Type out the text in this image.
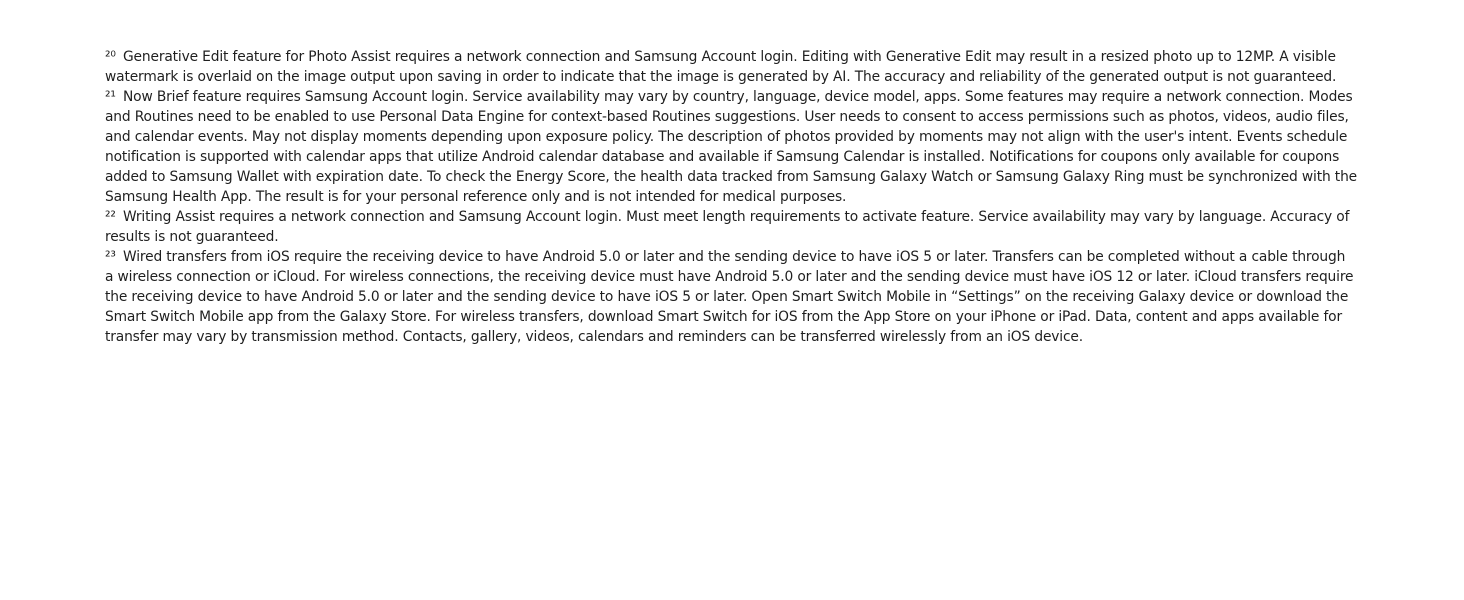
²⁰ Generative Edit feature for Photo Assist requires a network connection and Samsung Account login. Editing with Generative Edit may result in a resized photo up to 12MP. A visible watermark is overlaid on the image output upon saving in order to indicate that the image is generated by AI. The accuracy and reliability of the generated output is not guaranteed.

²¹ Now Brief feature requires Samsung Account login. Service availability may vary by country, language, device model, apps. Some features may require a network connection. Modes and Routines need to be enabled to use Personal Data Engine for context-based Routines suggestions. User needs to consent to access permissions such as photos, videos, audio files, and calendar events. May not display moments depending upon exposure policy. The description of photos provided by moments may not align with the user's intent. Events schedule notification is supported with calendar apps that utilize Android calendar database and available if Samsung Calendar is installed. Notifications for coupons only available for coupons added to Samsung Wallet with expiration date. To check the Energy Score, the health data tracked from Samsung Galaxy Watch or Samsung Galaxy Ring must be synchronized with the Samsung Health App. The result is for your personal reference only and is not intended for medical purposes.

²² Writing Assist requires a network connection and Samsung Account login. Must meet length requirements to activate feature. Service availability may vary by language. Accuracy of results is not guaranteed.

²³ Wired transfers from iOS require the receiving device to have Android 5.0 or later and the sending device to have iOS 5 or later. Transfers can be completed without a cable through a wireless connection or iCloud. For wireless connections, the receiving device must have Android 5.0 or later and the sending device must have iOS 12 or later. iCloud transfers require the receiving device to have Android 5.0 or later and the sending device to have iOS 5 or later. Open Smart Switch Mobile in “Settings” on the receiving Galaxy device or download the Smart Switch Mobile app from the Galaxy Store. For wireless transfers, download Smart Switch for iOS from the App Store on your iPhone or iPad. Data, content and apps available for transfer may vary by transmission method. Contacts, gallery, videos, calendars and reminders can be transferred wirelessly from an iOS device.
